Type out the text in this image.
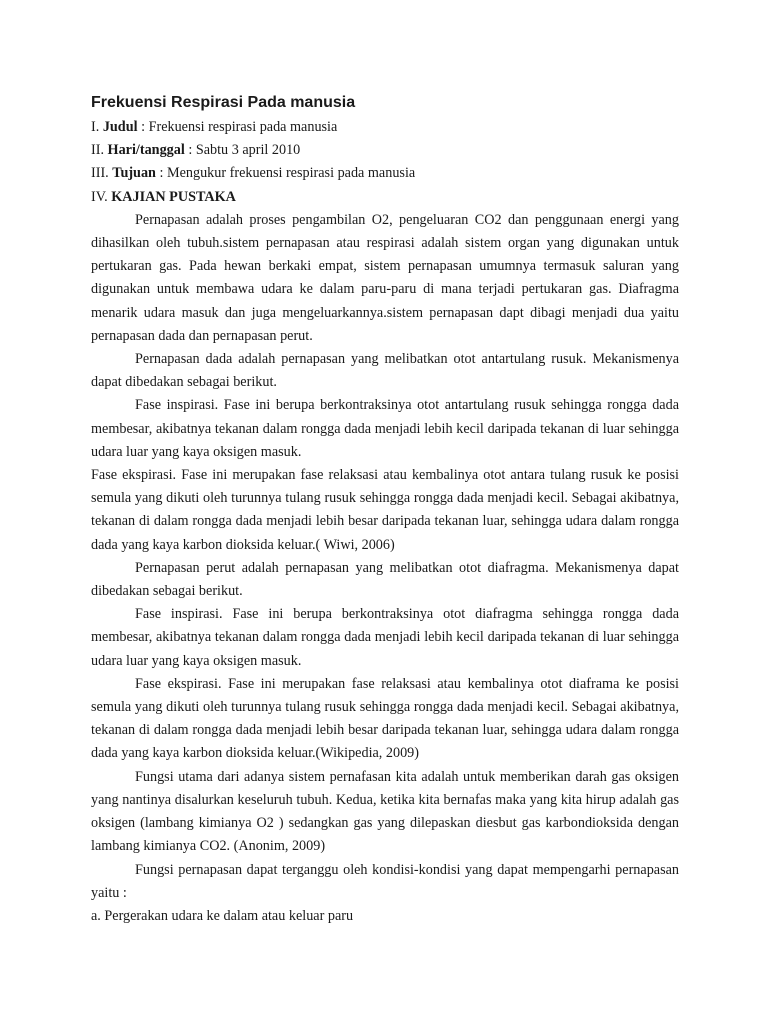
Frekuensi Respirasi Pada manusia

I. Judul : Frekuensi respirasi pada manusia

II. Hari/tanggal : Sabtu 3 april 2010

III. Tujuan : Mengukur frekuensi respirasi pada manusia

IV. KAJIAN PUSTAKA

Pernapasan adalah proses pengambilan O2, pengeluaran CO2 dan penggunaan energi yang dihasilkan oleh tubuh.sistem pernapasan atau respirasi adalah sistem organ yang digunakan untuk pertukaran gas. Pada hewan berkaki empat, sistem pernapasan umumnya termasuk saluran yang digunakan untuk membawa udara ke dalam paru-paru di mana terjadi pertukaran gas. Diafragma menarik udara masuk dan juga mengeluarkannya.sistem pernapasan dapt dibagi menjadi dua yaitu pernapasan dada dan pernapasan perut.

Pernapasan dada adalah pernapasan yang melibatkan otot antartulang rusuk. Mekanismenya dapat dibedakan sebagai berikut.

Fase inspirasi. Fase ini berupa berkontraksinya otot antartulang rusuk sehingga rongga dada membesar, akibatnya tekanan dalam rongga dada menjadi lebih kecil daripada tekanan di luar sehingga udara luar yang kaya oksigen masuk.

Fase ekspirasi. Fase ini merupakan fase relaksasi atau kembalinya otot antara tulang rusuk ke posisi semula yang dikuti oleh turunnya tulang rusuk sehingga rongga dada menjadi kecil. Sebagai akibatnya, tekanan di dalam rongga dada menjadi lebih besar daripada tekanan luar, sehingga udara dalam rongga dada yang kaya karbon dioksida keluar.( Wiwi, 2006)

Pernapasan perut adalah pernapasan yang melibatkan otot diafragma. Mekanismenya dapat dibedakan sebagai berikut.

Fase inspirasi. Fase ini berupa berkontraksinya otot diafragma sehingga rongga dada membesar, akibatnya tekanan dalam rongga dada menjadi lebih kecil daripada tekanan di luar sehingga udara luar yang kaya oksigen masuk.

Fase ekspirasi. Fase ini merupakan fase relaksasi atau kembalinya otot diaframa ke posisi semula yang dikuti oleh turunnya tulang rusuk sehingga rongga dada menjadi kecil. Sebagai akibatnya, tekanan di dalam rongga dada menjadi lebih besar daripada tekanan luar, sehingga udara dalam rongga dada yang kaya karbon dioksida keluar.(Wikipedia, 2009)

Fungsi utama dari adanya sistem pernafasan kita adalah untuk memberikan darah gas oksigen yang nantinya disalurkan keseluruh tubuh. Kedua, ketika kita bernafas maka yang kita hirup adalah gas oksigen (lambang kimianya O2 ) sedangkan gas yang dilepaskan diesbut gas karbondioksida dengan lambang kimianya CO2. (Anonim, 2009)

Fungsi pernapasan dapat terganggu oleh kondisi-kondisi yang dapat mempengarhi pernapasan yaitu :

a. Pergerakan udara ke dalam atau keluar paru
